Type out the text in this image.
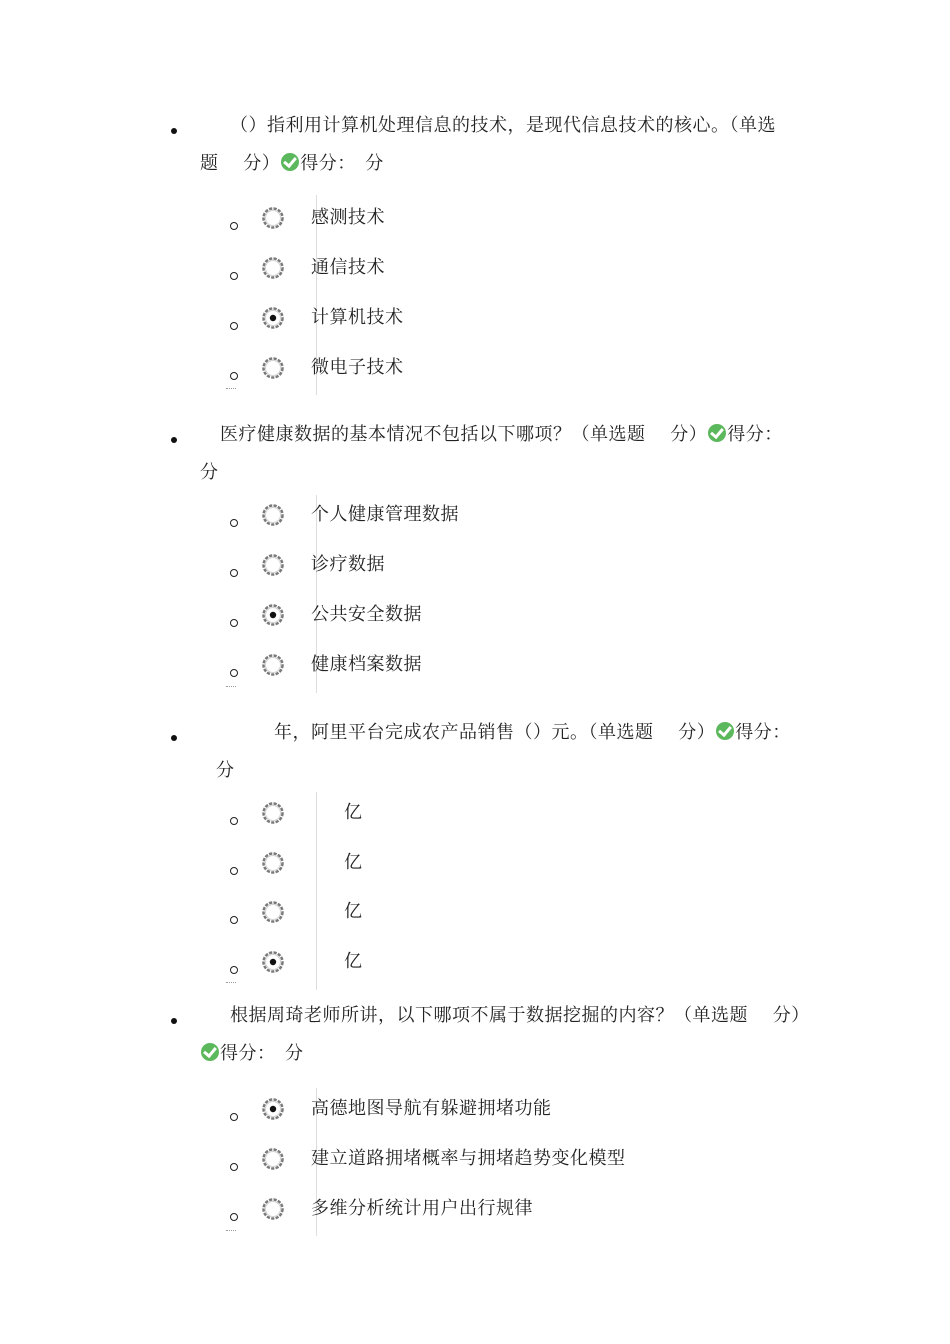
（）指利用计算机处理信息的技术，是现代信息技术的核心。（单选
题　 分） 得分：　分
感测技术
通信技术
计算机技术
微电子技术
医疗健康数据的基本情况不包括以下哪项？（单选题　 分） 得分：
分
个人健康管理数据
诊疗数据
公共安全数据
健康档案数据
年，阿里平台完成农产品销售（）元。（单选题　 分） 得分：
分
亿
亿
亿
亿
根据周琦老师所讲，以下哪项不属于数据挖掘的内容？（单选题　 分）
得分：　分
高德地图导航有躲避拥堵功能
建立道路拥堵概率与拥堵趋势变化模型
多维分析统计用户出行规律
